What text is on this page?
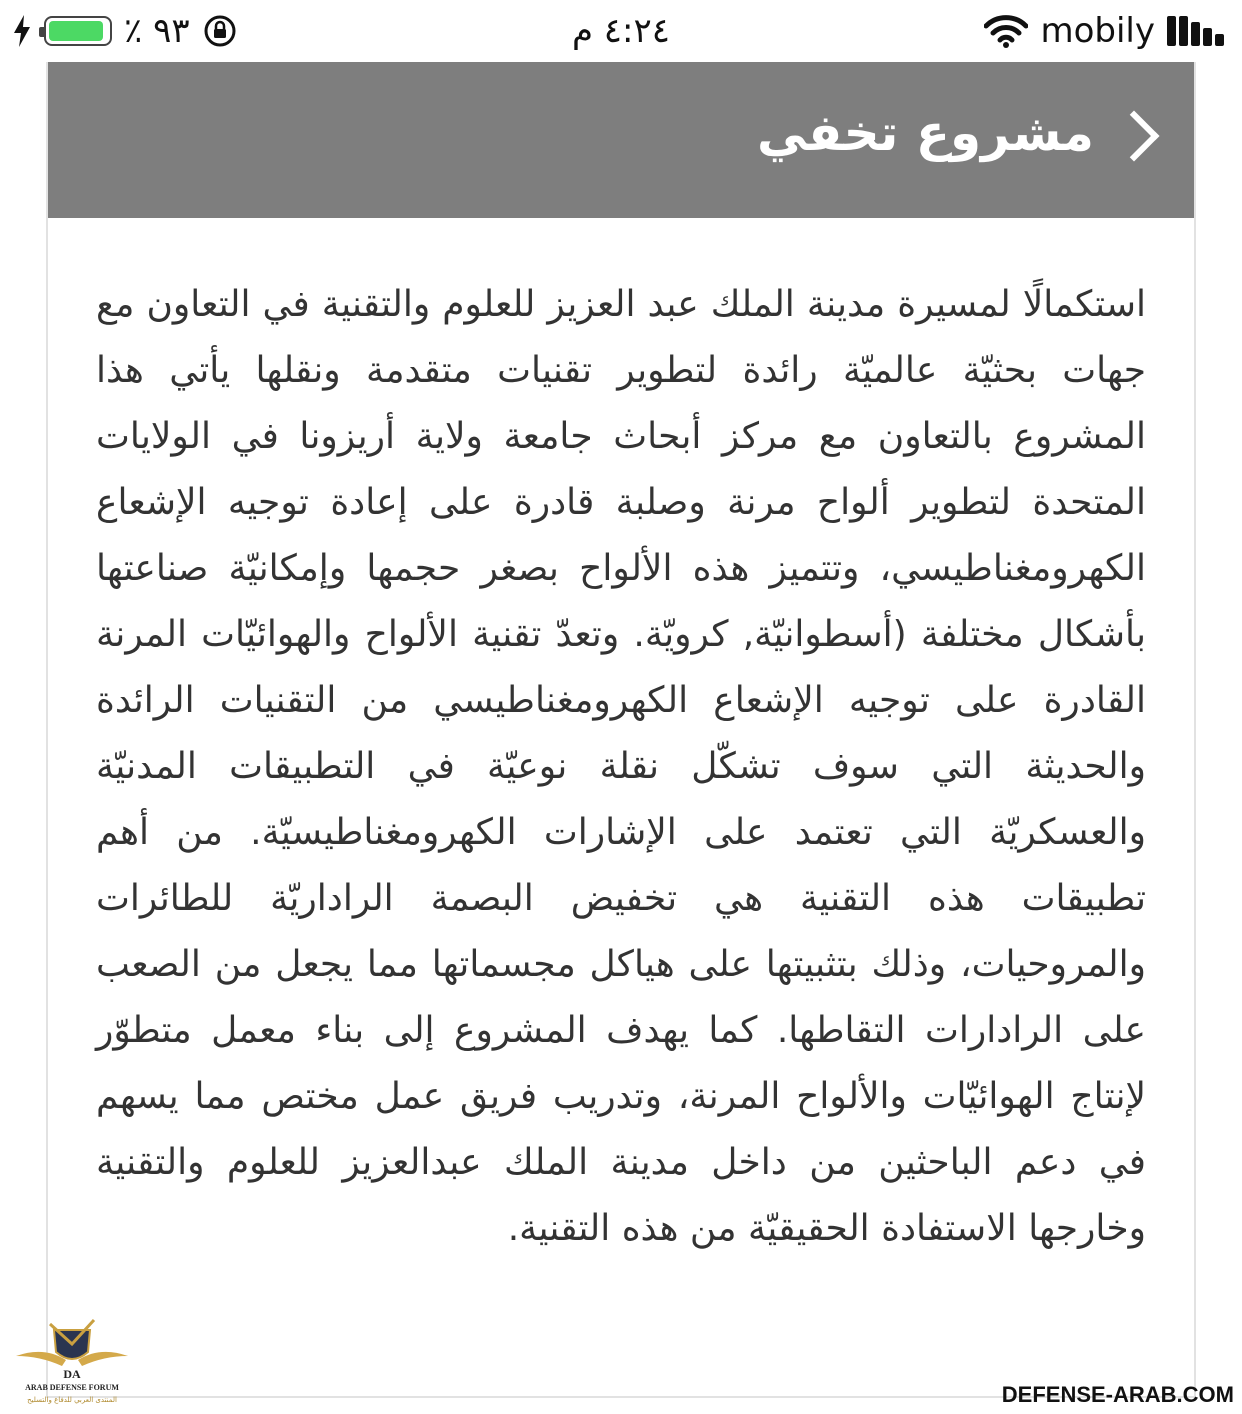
٪ ٩٣	٤:٢٤ م	mobily
مشروع تخفي

استكمالًا لمسيرة مدينة الملك عبد العزيز للعلوم والتقنية في التعاون مع جهات بحثيّة عالميّة رائدة لتطوير تقنيات متقدمة ونقلها يأتي هذا المشروع بالتعاون مع مركز أبحاث جامعة ولاية أريزونا في الولايات المتحدة لتطوير ألواح مرنة وصلبة قادرة على إعادة توجيه الإشعاع الكهرومغناطيسي، وتتميز هذه الألواح بصغر حجمها وإمكانيّة صناعتها بأشكال مختلفة (أسطوانيّة, كرويّة. وتعدّ تقنية الألواح والهوائيّات المرنة القادرة على توجيه الإشعاع الكهرومغناطيسي من التقنيات الرائدة والحديثة التي سوف تشكّل نقلة نوعيّة في التطبيقات المدنيّة والعسكريّة التي تعتمد على الإشارات الكهرومغناطيسيّة. من أهم تطبيقات هذه التقنية هي تخفيض البصمة الراداريّة للطائرات والمروحيات، وذلك بتثبيتها على هياكل مجسماتها مما يجعل من الصعب على الرادارات التقاطها. كما يهدف المشروع إلى بناء معمل متطوّر لإنتاج الهوائيّات والألواح المرنة، وتدريب فريق عمل مختص مما يسهم في دعم الباحثين من داخل مدينة الملك عبدالعزيز للعلوم والتقنية وخارجها الاستفادة الحقيقيّة من هذه التقنية.

DA
ARAB DEFENSE FORUM
المنتدى العربي للدفاع والتسليح	DEFENSE-ARAB.COM
